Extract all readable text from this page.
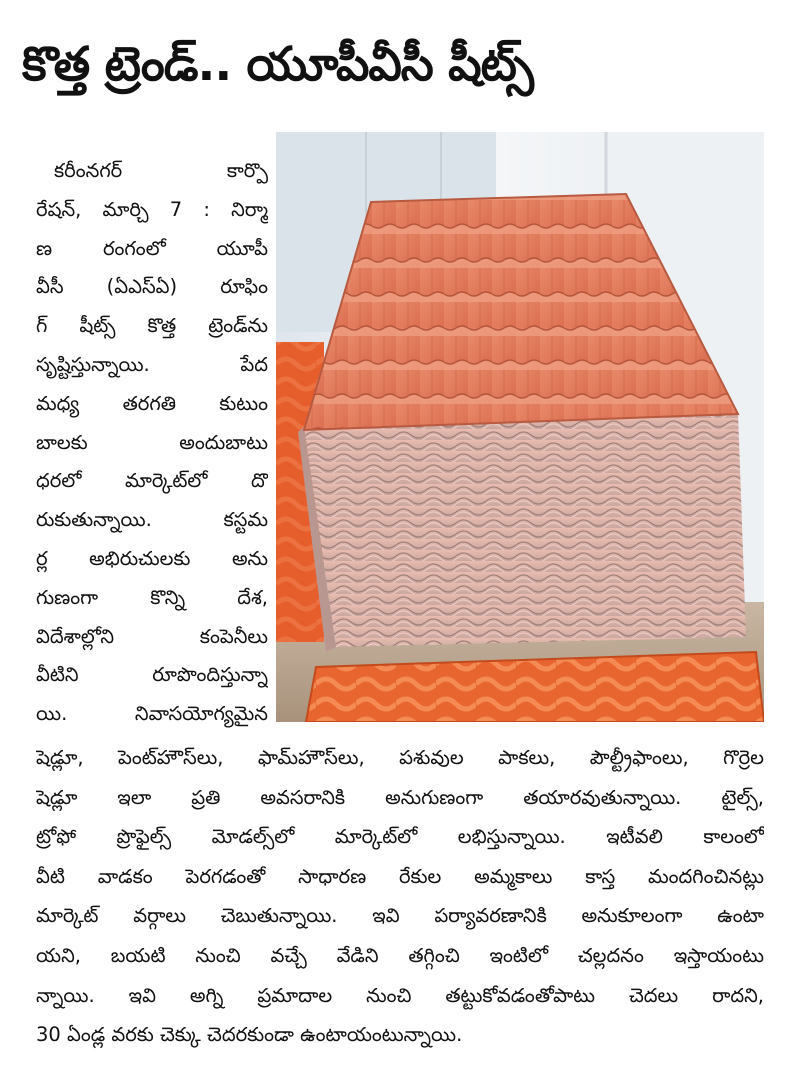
కొత్త ట్రెండ్.. యూపీవీసీ షీట్స్
కరీంనగర్ కార్పొ
రేషన్, మార్చి 7 : నిర్మా
ణ రంగంలో యూపీ
వీసీ (ఏఎస్ఏ) రూఫిం
గ్ షీట్స్ కొత్త ట్రెండ్‌ను
సృష్టిస్తున్నాయి. పేద
మధ్య తరగతి కుటుం
బాలకు అందుబాటు
ధరలో మార్కెట్‌లో దొ
రుకుతున్నాయి. కస్టమ
ర్ల అభిరుచులకు అను
గుణంగా కొన్ని దేశ,
విదేశాల్లోని కంపెనీలు
వీటిని రూపొందిస్తున్నా
యి. నివాసయోగ్యమైన
షెడ్లూ, పెంట్‌హౌస్‌లు, ఫామ్‌హౌస్‌లు, పశువుల పాకలు, పౌల్ట్రీఫాంలు, గొర్రెల
షెడ్లూ ఇలా ప్రతి అవసరానికి అనుగుణంగా తయారవుతున్నాయి. టైల్స్,
ట్రోఫో ప్రొఫైల్స్ మోడల్స్‌లో మార్కెట్‌లో లభిస్తున్నాయి. ఇటీవలి కాలంలో
వీటి వాడకం పెరగడంతో సాధారణ రేకుల అమ్మకాలు కాస్త మందగించినట్లు
మార్కెట్ వర్గాలు చెబుతున్నాయి. ఇవి పర్యావరణానికి అనుకూలంగా ఉంటా
యని, బయటి నుంచి వచ్చే వేడిని తగ్గించి ఇంటిలో చల్లదనం ఇస్తాయంటు
న్నాయి. ఇవి అగ్ని ప్రమాదాల నుంచి తట్టుకోవడంతోపాటు చెదలు రాదని,
30 ఏండ్ల వరకు చెక్కు చెదరకుండా ఉంటాయంటున్నాయి.
